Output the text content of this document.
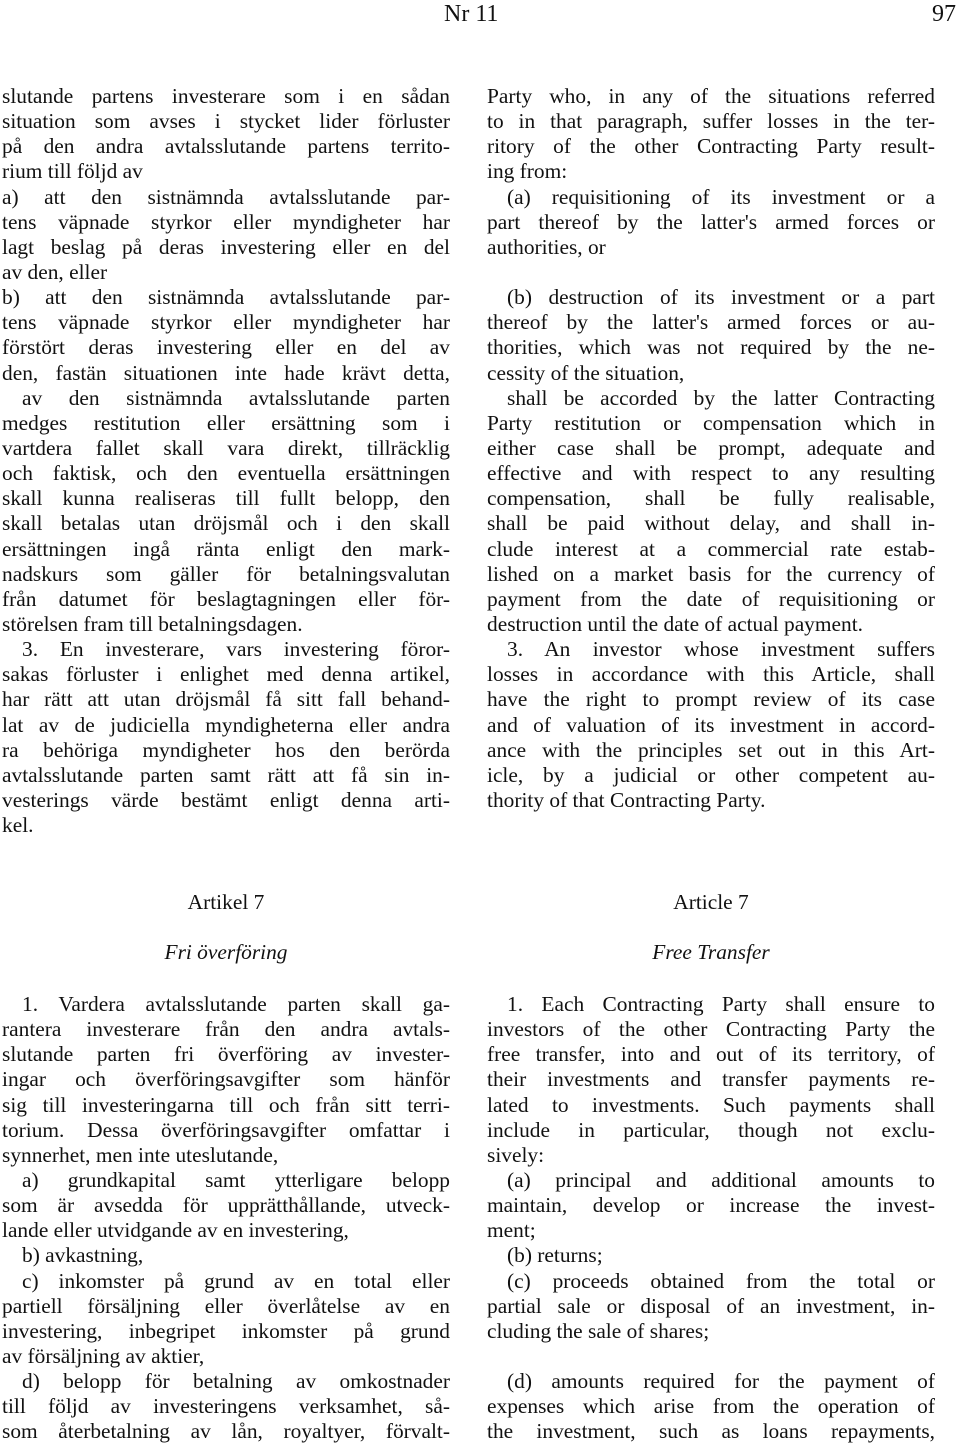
Nr 11	97
slutande partens investerare som i en sådan
situation som avses i stycket lider förluster
på den andra avtalsslutande partens territo-
rium till följd av
a) att den sistnämnda avtalsslutande par-
tens väpnade styrkor eller myndigheter har
lagt beslag på deras investering eller en del
av den, eller
b) att den sistnämnda avtalsslutande par-
tens väpnade styrkor eller myndigheter har
förstört deras investering eller en del av
den, fastän situationen inte hade krävt detta,
av den sistnämnda avtalsslutande parten
medges restitution eller ersättning som i
vartdera fallet skall vara direkt, tillräcklig
och faktisk, och den eventuella ersättningen
skall kunna realiseras till fullt belopp, den
skall betalas utan dröjsmål och i den skall
ersättningen ingå ränta enligt den mark-
nadskurs som gäller för betalningsvalutan
från datumet för beslagtagningen eller för-
störelsen fram till betalningsdagen.
3. En investerare, vars investering föror-
sakas förluster i enlighet med denna artikel,
har rätt att utan dröjsmål få sitt fall behand-
lat av de judiciella myndigheterna eller andra
ra behöriga myndigheter hos den berörda
avtalsslutande parten samt rätt att få sin in-
vesterings värde bestämt enligt denna arti-
kel.
Party who, in any of the situations referred
to in that paragraph, suffer losses in the ter-
ritory of the other Contracting Party result-
ing from:
(a) requisitioning of its investment or a
part thereof by the latter's armed forces or
authorities, or
(b) destruction of its investment or a part
thereof by the latter's armed forces or au-
thorities, which was not required by the ne-
cessity of the situation,
shall be accorded by the latter Contracting
Party restitution or compensation which in
either case shall be prompt, adequate and
effective and with respect to any resulting
compensation, shall be fully realisable,
shall be paid without delay, and shall in-
clude interest at a commercial rate estab-
lished on a market basis for the currency of
payment from the date of requisitioning or
destruction until the date of actual payment.
3. An investor whose investment suffers
losses in accordance with this Article, shall
have the right to prompt review of its case
and of valuation of its investment in accord-
ance with the principles set out in this Art-
icle, by a judicial or other competent au-
thority of that Contracting Party.
Artikel 7
Fri överföring
Article 7
Free Transfer
1. Vardera avtalsslutande parten skall ga-
rantera investerare från den andra avtals-
slutande parten fri överföring av invester-
ingar och överföringsavgifter som hänför
sig till investeringarna till och från sitt terri-
torium. Dessa överföringsavgifter omfattar i
synnerhet, men inte uteslutande,
a) grundkapital samt ytterligare belopp
som är avsedda för upprätthållande, utveck-
lande eller utvidgande av en investering,
b) avkastning,
c) inkomster på grund av en total eller
partiell försäljning eller överlåtelse av en
investering, inbegripet inkomster på grund
av försäljning av aktier,
d) belopp för betalning av omkostnader
till följd av investeringens verksamhet, så-
som återbetalning av lån, royaltyer, förvalt-
1. Each Contracting Party shall ensure to
investors of the other Contracting Party the
free transfer, into and out of its territory, of
their investments and transfer payments re-
lated to investments. Such payments shall
include in particular, though not exclu-
sively:
(a) principal and additional amounts to
maintain, develop or increase the invest-
ment;
(b) returns;
(c) proceeds obtained from the total or
partial sale or disposal of an investment, in-
cluding the sale of shares;
(d) amounts required for the payment of
expenses which arise from the operation of
the investment, such as loans repayments,
